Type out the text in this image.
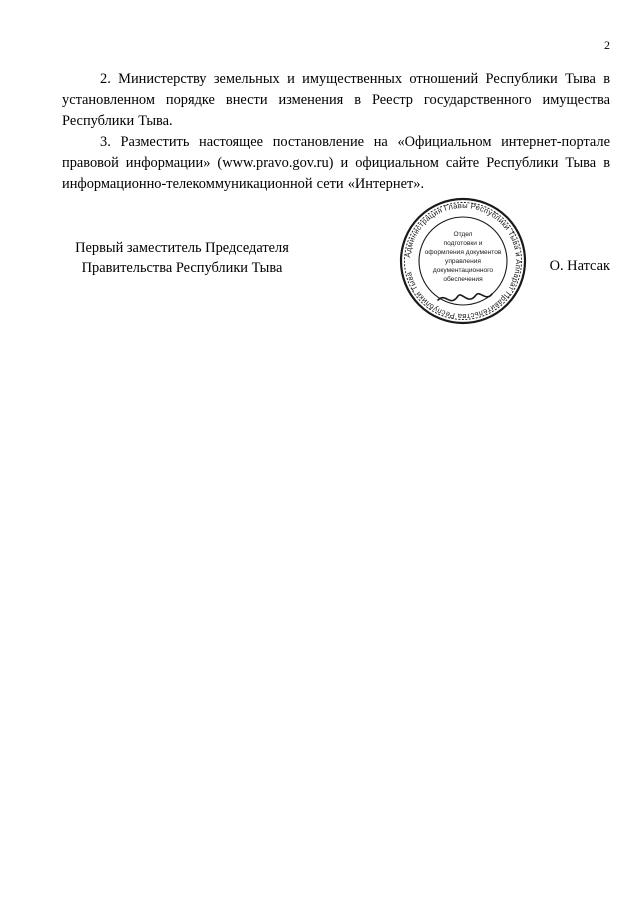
2

2. Министерству земельных и имущественных отношений Республики Тыва в установленном порядке внести изменения в Реестр государственного имущества Республики Тыва.

3. Разместить настоящее постановление на «Официальном интернет-портале правовой информации» (www.pravo.gov.ru) и официальном сайте Республики Тыва в информационно-телекоммуникационной сети «Интернет».

Первый заместитель Председателя
Правительства Республики Тыва
Администрация Главы Республики Тыва и Аппарат Правительства Республики Тыва
Отдел
подготовки и
оформления документов
управления
документационного
обеспечения
О. Натсак
